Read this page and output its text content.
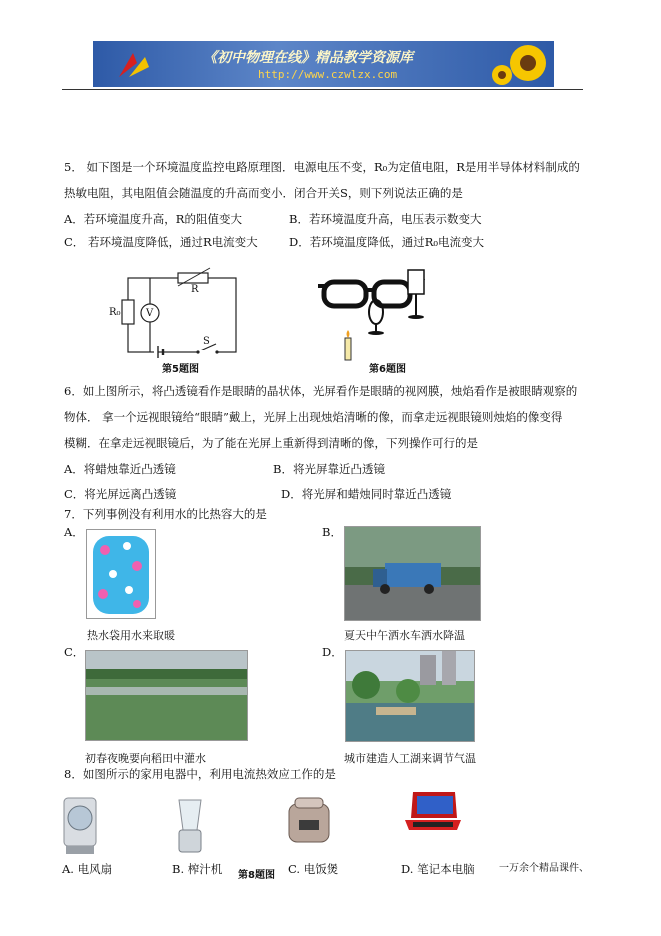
《初中物理在线》精品教学资源库
http://www.czwlzx.com
5． 如下图是一个环境温度监控电路原理图．电源电压不变，R₀为定值电阻，R是用半导体材料制成的
热敏电阻，其电阻值会随温度的升高而变小．闭合开关S，则下列说法正确的是
A．若环境温度升高，R的阻值变大	B．若环境温度升高，电压表示数变大
C． 若环境温度降低，通过R电流变大	D．若环境温度降低，通过R₀电流变大
R₀	V
R
S
第5题图	第6题图
6．如上图所示，将凸透镜看作是眼睛的晶状体，光屏看作是眼睛的视网膜，烛焰看作是被眼睛观察的
物体． 拿一个远视眼镜给“眼睛”戴上，光屏上出现烛焰清晰的像，而拿走远视眼镜则烛焰的像变得
模糊．在拿走远视眼镜后，为了能在光屏上重新得到清晰的像，下列操作可行的是
A．将蜡烛靠近凸透镜	B．将光屏靠近凸透镜
C．将光屏远离凸透镜	D．将光屏和蜡烛同时靠近凸透镜
7．下列事例没有利用水的比热容大的是
A．	B．
热水袋用水来取暖	夏天中午洒水车洒水降温
C．	D．
初春夜晚要向稻田中灌水	城市建造人工湖来调节气温
8．如图所示的家用电器中，利用电流热效应工作的是
A. 电风扇	B. 榨汁机 第8题图 C. 电饭煲	D. 笔记本电脑 一万余个精品课件、
